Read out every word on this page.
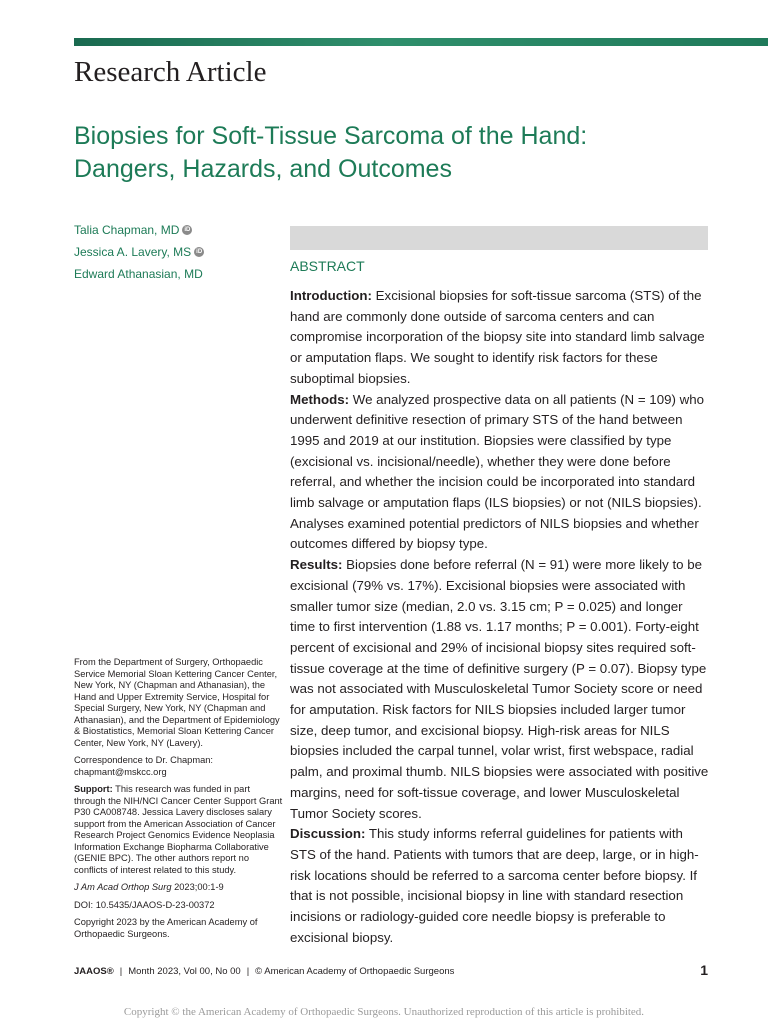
Research Article
Biopsies for Soft-Tissue Sarcoma of the Hand:
Dangers, Hazards, and Outcomes
Talia Chapman, MD iD
Jessica A. Lavery, MS iD
Edward Athanasian, MD	ABSTRACT

Introduction: Excisional biopsies for soft-tissue sarcoma (STS) of the hand are commonly done outside of sarcoma centers and can compromise incorporation of the biopsy site into standard limb salvage or amputation flaps. We sought to identify risk factors for these suboptimal biopsies.

Methods: We analyzed prospective data on all patients (N = 109) who underwent definitive resection of primary STS of the hand between 1995 and 2019 at our institution. Biopsies were classified by type (excisional vs. incisional/needle), whether they were done before referral, and whether the incision could be incorporated into standard limb salvage or amputation flaps (ILS biopsies) or not (NILS biopsies). Analyses examined potential predictors of NILS biopsies and whether outcomes differed by biopsy type.

Results: Biopsies done before referral (N = 91) were more likely to be excisional (79% vs. 17%). Excisional biopsies were associated with smaller tumor size (median, 2.0 vs. 3.15 cm; P = 0.025) and longer time to first intervention (1.88 vs. 1.17 months; P = 0.001). Forty-eight percent of excisional and 29% of incisional biopsy sites required soft-tissue coverage at the time of definitive surgery (P = 0.07). Biopsy type was not associated with Musculoskeletal Tumor Society score or need for amputation. Risk factors for NILS biopsies included larger tumor size, deep tumor, and excisional biopsy. High-risk areas for NILS biopsies included the carpal tunnel, volar wrist, first webspace, radial palm, and proximal thumb. NILS biopsies were associated with positive margins, need for soft-tissue coverage, and lower Musculoskeletal Tumor Society scores.

Discussion: This study informs referral guidelines for patients with STS of the hand. Patients with tumors that are deep, large, or in high-risk locations should be referred to a sarcoma center before biopsy. If that is not possible, incisional biopsy in line with standard resection incisions or radiology-guided core needle biopsy is preferable to excisional biopsy.

From the Department of Surgery, Orthopaedic Service Memorial Sloan Kettering Cancer Center, New York, NY (Chapman and Athanasian), the Hand and Upper Extremity Service, Hospital for Special Surgery, New York, NY (Chapman and Athanasian), and the Department of Epidemiology & Biostatistics, Memorial Sloan Kettering Cancer Center, New York, NY (Lavery).

Correspondence to Dr. Chapman: chapmant@mskcc.org

Support: This research was funded in part through the NIH/NCI Cancer Center Support Grant P30 CA008748. Jessica Lavery discloses salary support from the American Association of Cancer Research Project Genomics Evidence Neoplasia Information Exchange Biopharma Collaborative (GENIE BPC). The other authors report no conflicts of interest related to this study.

J Am Acad Orthop Surg 2023;00:1-9

DOI: 10.5435/JAAOS-D-23-00372

Copyright 2023 by the American Academy of Orthopaedic Surgeons.

JAAOS® | Month 2023, Vol 00, No 00 | © American Academy of Orthopaedic Surgeons	1
Copyright © the American Academy of Orthopaedic Surgeons. Unauthorized reproduction of this article is prohibited.
